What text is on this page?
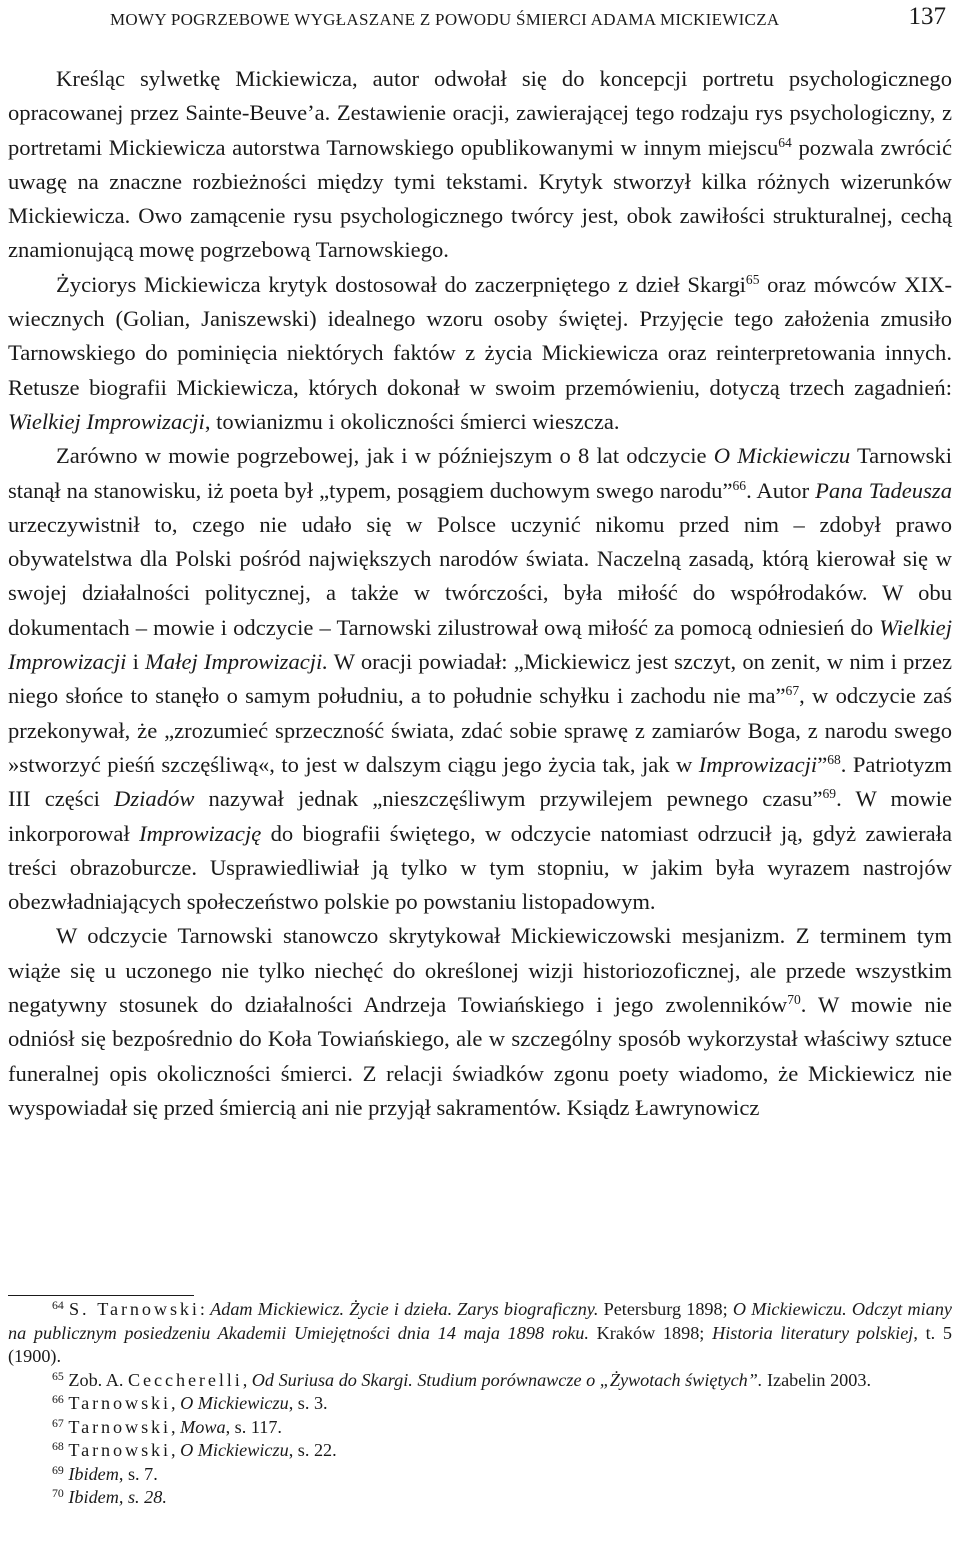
MOWY POGRZEBOWE WYGŁASZANE Z POWODU ŚMIERCI ADAMA MICKIEWICZA	137

Kreśląc sylwetkę Mickiewicza, autor odwołał się do koncepcji portretu psychologicznego opracowanej przez Sainte-Beuve’a. Zestawienie oracji, zawierającej tego rodzaju rys psychologiczny, z portretami Mickiewicza autorstwa Tarnowskiego opublikowanymi w innym miejscu$^{64}$ pozwala zwrócić uwagę na znaczne rozbieżności między tymi tekstami. Krytyk stworzył kilka różnych wizerunków Mickiewicza. Owo zamącenie rysu psychologicznego twórcy jest, obok zawiłości strukturalnej, cechą znamionującą mowę pogrzebową Tarnowskiego.

Życiorys Mickiewicza krytyk dostosował do zaczerpniętego z dzieł Skargi$^{65}$ oraz mówców XIX-wiecznych (Golian, Janiszewski) idealnego wzoru osoby świętej. Przyjęcie tego założenia zmusiło Tarnowskiego do pominięcia niektórych faktów z życia Mickiewicza oraz reinterpretowania innych. Retusze biografii Mickiewicza, których dokonał w swoim przemówieniu, dotyczą trzech zagadnień: Wielkiej Improwizacji, towianizmu i okoliczności śmierci wieszcza.

Zarówno w mowie pogrzebowej, jak i w późniejszym o 8 lat odczycie O Mickiewiczu Tarnowski stanął na stanowisku, iż poeta był „typem, posągiem duchowym swego narodu”$^{66}$. Autor Pana Tadeusza urzeczywistnił to, czego nie udało się w Polsce uczynić nikomu przed nim – zdobył prawo obywatelstwa dla Polski pośród największych narodów świata. Naczelną zasadą, którą kierował się w swojej działalności politycznej, a także w twórczości, była miłość do współrodaków. W obu dokumentach – mowie i odczycie – Tarnowski zilustrował ową miłość za pomocą odniesień do Wielkiej Improwizacji i Małej Improwizacji. W oracji powiadał: „Mickiewicz jest szczyt, on zenit, w nim i przez niego słońce to stanęło o samym południu, a to południe schyłku i zachodu nie ma”$^{67}$, w odczycie zaś przekonywał, że „zrozumieć sprzeczność świata, zdać sobie sprawę z zamiarów Boga, z narodu swego »stworzyć pieśń szczęśliwą«, to jest w dalszym ciągu jego życia tak, jak w Improwizacji”$^{68}$. Patriotyzm III części Dziadów nazywał jednak „nieszczęśliwym przywilejem pewnego czasu”$^{69}$. W mowie inkorporował Improwizację do biografii świętego, w odczycie natomiast odrzucił ją, gdyż zawierała treści obrazoburcze. Usprawiedliwiał ją tylko w tym stopniu, w jakim była wyrazem nastrojów obezwładniających społeczeństwo polskie po powstaniu listopadowym.

W odczycie Tarnowski stanowczo skrytykował Mickiewiczowski mesjanizm. Z terminem tym wiąże się u uczonego nie tylko niechęć do określonej wizji historiozoficznej, ale przede wszystkim negatywny stosunek do działalności Andrzeja Towiańskiego i jego zwolenników$^{70}$. W mowie nie odniósł się bezpośrednio do Koła Towiańskiego, ale w szczególny sposób wykorzystał właściwy sztuce funeralnej opis okoliczności śmierci. Z relacji świadków zgonu poety wiadomo, że Mickiewicz nie wyspowiadał się przed śmiercią ani nie przyjął sakramentów. Ksiądz Ławrynowicz

$^{64}$ S. Tarnowski: Adam Mickiewicz. Życie i dzieła. Zarys biograficzny. Petersburg 1898; O Mickiewiczu. Odczyt miany na publicznym posiedzeniu Akademii Umiejętności dnia 14 maja 1898 roku. Kraków 1898; Historia literatury polskiej, t. 5 (1900).

$^{65}$ Zob. A. Ceccherelli, Od Suriusa do Skargi. Studium porównawcze o „Żywotach świętych”. Izabelin 2003.

$^{66}$ Tarnowski, O Mickiewiczu, s. 3.

$^{67}$ Tarnowski, Mowa, s. 117.

$^{68}$ Tarnowski, O Mickiewiczu, s. 22.

$^{69}$ Ibidem, s. 7.

$^{70}$ Ibidem, s. 28.
